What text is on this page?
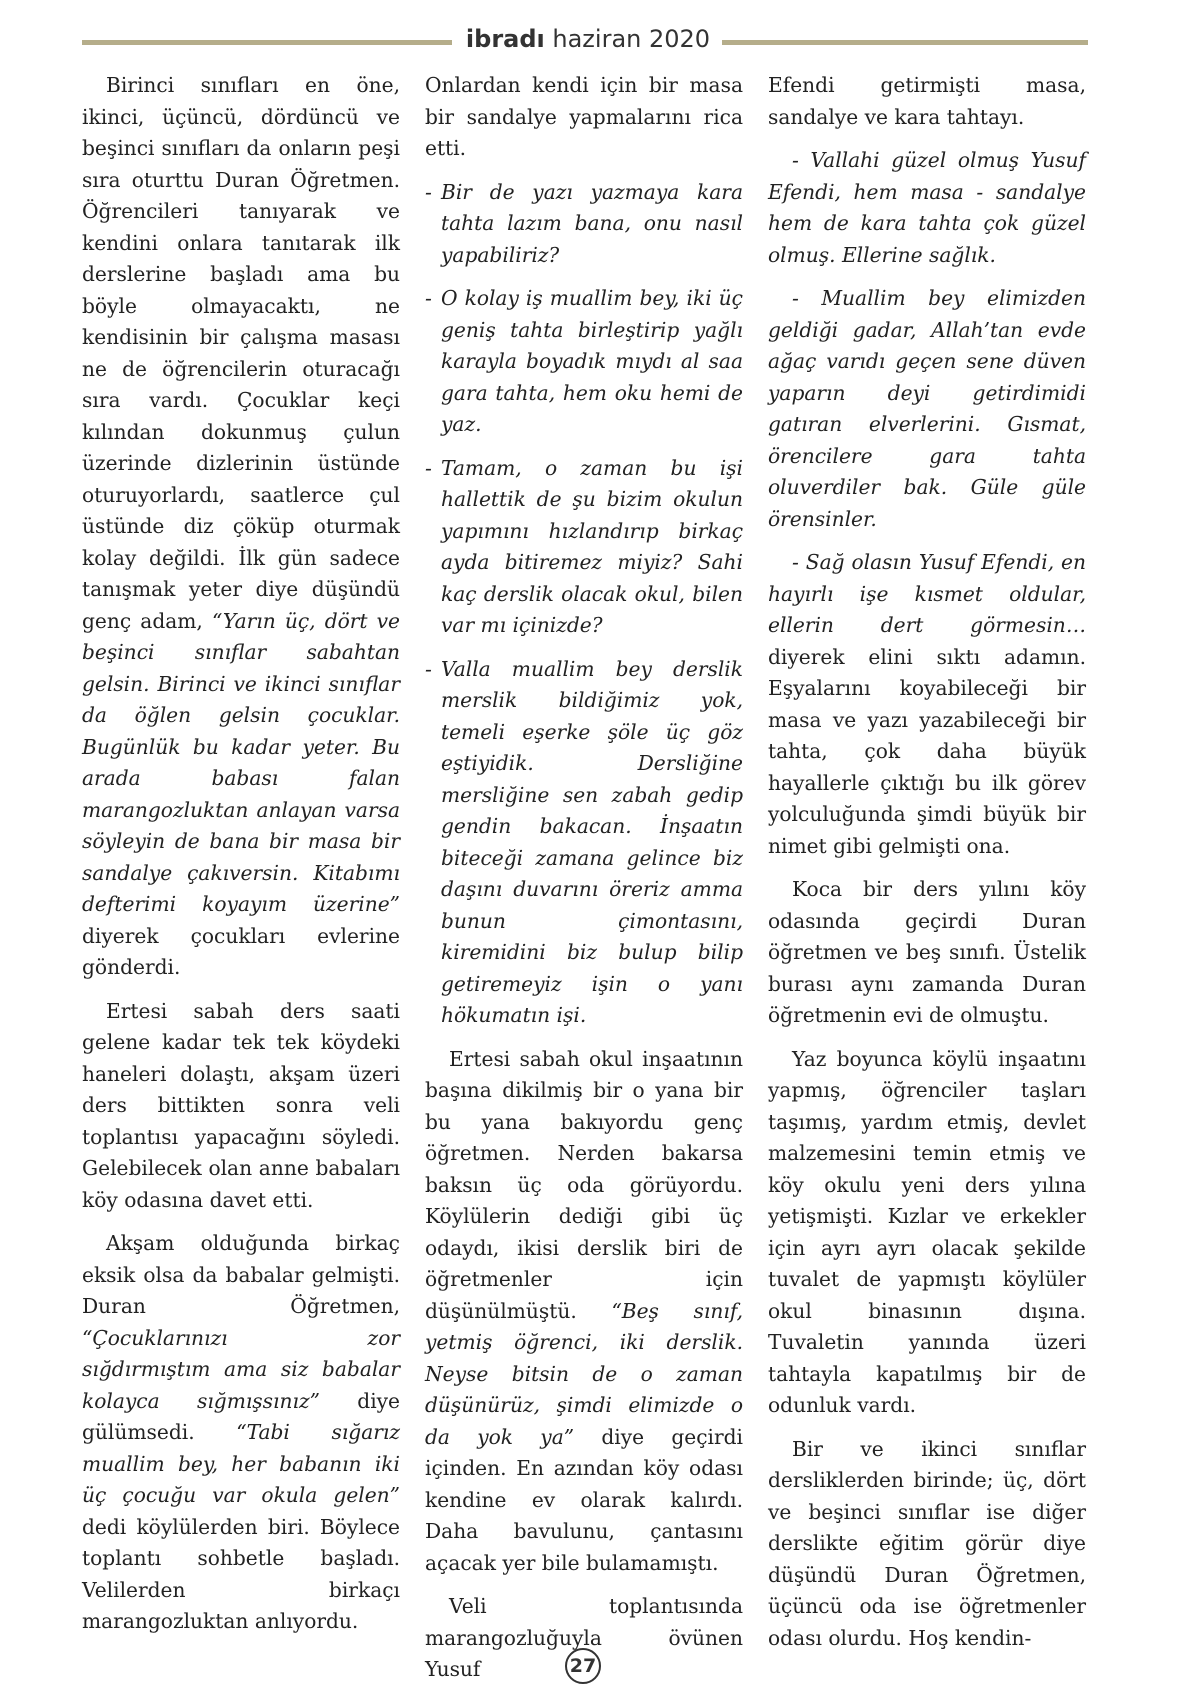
ibradı haziran 2020

Birinci sınıfları en öne, ikinci, üçüncü, dördüncü ve beşinci sınıfları da onların peşi sıra oturttu Duran Öğretmen. Öğrencileri tanıyarak ve kendini onlara tanıtarak ilk derslerine başladı ama bu böyle olmayacaktı, ne kendisinin bir çalışma masası ne de öğrencilerin oturacağı sıra vardı. Çocuklar keçi kılından dokunmuş çulun üzerinde dizlerinin üstünde oturuyorlardı, saatlerce çul üstünde diz çöküp oturmak kolay değildi. İlk gün sadece tanışmak yeter diye düşündü genç adam, “Yarın üç, dört ve beşinci sınıflar sabahtan gelsin. Birinci ve ikinci sınıflar da öğlen gelsin çocuklar. Bugünlük bu kadar yeter. Bu arada babası falan marangozluktan anlayan varsa söyleyin de bana bir masa bir sandalye çakıversin. Kitabımı defterimi koyayım üzerine” diyerek çocukları evlerine gönderdi.

Ertesi sabah ders saati gelene kadar tek tek köydeki haneleri dolaştı, akşam üzeri ders bittikten sonra veli toplantısı yapacağını söyledi. Gelebilecek olan anne babaları köy odasına davet etti.

Akşam olduğunda birkaç eksik olsa da babalar gelmişti. Duran Öğretmen, “Çocuklarınızı zor sığdırmıştım ama siz babalar kolayca sığmışsınız” diye gülümsedi. “Tabi sığarız muallim bey, her babanın iki üç çocuğu var okula gelen” dedi köylülerden biri. Böylece toplantı sohbetle başladı. Velilerden birkaçı marangozluktan anlıyordu.

Onlardan kendi için bir masa bir sandalye yapmalarını rica etti.

- Bir de yazı yazmaya kara tahta lazım bana, onu nasıl yapabiliriz?

- O kolay iş muallim bey, iki üç geniş tahta birleştirip yağlı karayla boyadık mıydı al saa gara tahta, hem oku hemi de yaz.

- Tamam, o zaman bu işi hallettik de şu bizim okulun yapımını hızlandırıp birkaç ayda bitiremez miyiz? Sahi kaç derslik olacak okul, bilen var mı içinizde?

- Valla muallim bey derslik merslik bildiğimiz yok, temeli eşerke şöle üç göz eştiyidik. Dersliğine mersliğine sen zabah gedip gendin bakacan. İnşaatın biteceği zamana gelince biz daşını duvarını öreriz amma bunun çimontasını, kiremidini biz bulup bilip getiremeyiz işin o yanı hökumatın işi.

Ertesi sabah okul inşaatının başına dikilmiş bir o yana bir bu yana bakıyordu genç öğretmen. Nerden bakarsa baksın üç oda görüyordu. Köylülerin dediği gibi üç odaydı, ikisi derslik biri de öğretmenler için düşünülmüştü. “Beş sınıf, yetmiş öğrenci, iki derslik. Neyse bitsin de o zaman düşünürüz, şimdi elimizde o da yok ya” diye geçirdi içinden. En azından köy odası kendine ev olarak kalırdı. Daha bavulunu, çantasını açacak yer bile bulamamıştı.

Veli toplantısında marangozluğuyla övünen Yusuf

Efendi getirmişti masa, sandalye ve kara tahtayı.

- Vallahi güzel olmuş Yusuf Efendi, hem masa - sandalye hem de kara tahta çok güzel olmuş. Ellerine sağlık.

- Muallim bey elimizden geldiği gadar, Allah’tan evde ağaç varıdı geçen sene düven yaparın deyi getirdimidi gatıran elverlerini. Gısmat, örencilere gara tahta oluverdiler bak. Güle güle örensinler.

- Sağ olasın Yusuf Efendi, en hayırlı işe kısmet oldular, ellerin dert görmesin… diyerek elini sıktı adamın. Eşyalarını koyabileceği bir masa ve yazı yazabileceği bir tahta, çok daha büyük hayallerle çıktığı bu ilk görev yolculuğunda şimdi büyük bir nimet gibi gelmişti ona.

Koca bir ders yılını köy odasında geçirdi Duran öğretmen ve beş sınıfı. Üstelik burası aynı zamanda Duran öğretmenin evi de olmuştu.

Yaz boyunca köylü inşaatını yapmış, öğrenciler taşları taşımış, yardım etmiş, devlet malzemesini temin etmiş ve köy okulu yeni ders yılına yetişmişti. Kızlar ve erkekler için ayrı ayrı olacak şekilde tuvalet de yapmıştı köylüler okul binasının dışına. Tuvaletin yanında üzeri tahtayla kapatılmış bir de odunluk vardı.

Bir ve ikinci sınıflar dersliklerden birinde; üç, dört ve beşinci sınıflar ise diğer derslikte eğitim görür diye düşündü Duran Öğretmen, üçüncü oda ise öğretmenler odası olurdu. Hoş kendin-

27
